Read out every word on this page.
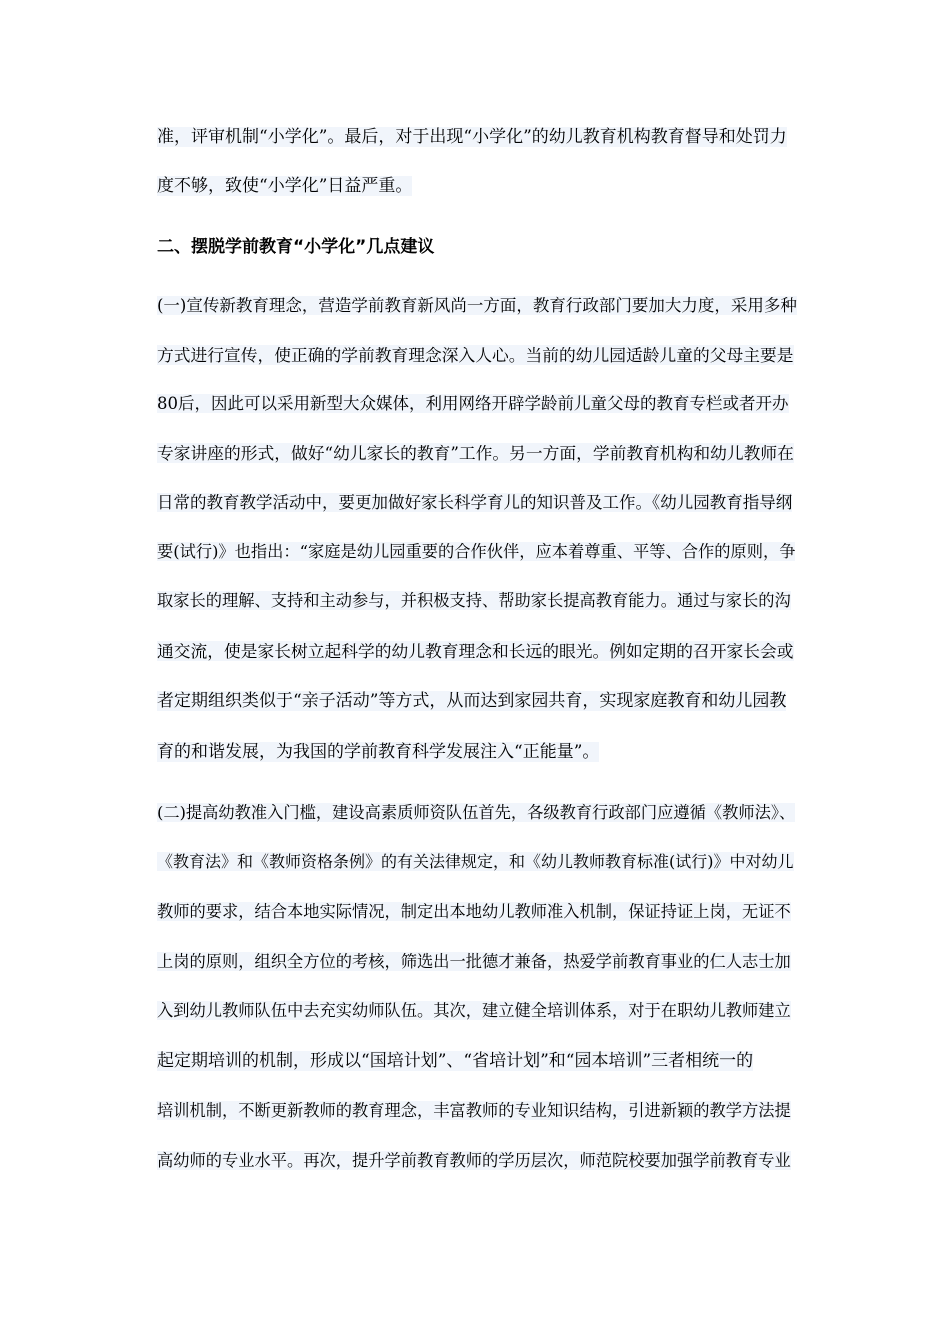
准，评审机制“小学化”。最后，对于出现“小学化”的幼儿教育机构教育督导和处罚力
度不够，致使“小学化”日益严重。
二、摆脱学前教育“小学化”几点建议
(一)宣传新教育理念，营造学前教育新风尚一方面，教育行政部门要加大力度，采用多种
方式进行宣传，使正确的学前教育理念深入人心。当前的幼儿园适龄儿童的父母主要是
80后，因此可以采用新型大众媒体，利用网络开辟学龄前儿童父母的教育专栏或者开办
专家讲座的形式，做好“幼儿家长的教育”工作。另一方面，学前教育机构和幼儿教师在
日常的教育教学活动中，要更加做好家长科学育儿的知识普及工作。《幼儿园教育指导纲
要(试行)》也指出：“家庭是幼儿园重要的合作伙伴，应本着尊重、平等、合作的原则，争
取家长的理解、支持和主动参与，并积极支持、帮助家长提高教育能力。通过与家长的沟
通交流，使是家长树立起科学的幼儿教育理念和长远的眼光。例如定期的召开家长会或
者定期组织类似于“亲子活动”等方式，从而达到家园共育，实现家庭教育和幼儿园教
育的和谐发展，为我国的学前教育科学发展注入“正能量”。
(二)提高幼教准入门槛，建设高素质师资队伍首先，各级教育行政部门应遵循《教师法》、
《教育法》和《教师资格条例》的有关法律规定，和《幼儿教师教育标准(试行)》中对幼儿
教师的要求，结合本地实际情况，制定出本地幼儿教师准入机制，保证持证上岗，无证不
上岗的原则，组织全方位的考核，筛选出一批德才兼备，热爱学前教育事业的仁人志士加
入到幼儿教师队伍中去充实幼师队伍。其次，建立健全培训体系，对于在职幼儿教师建立
起定期培训的机制，形成以“国培计划”、“省培计划”和“园本培训”三者相统一的
培训机制，不断更新教师的教育理念，丰富教师的专业知识结构，引进新颖的教学方法提
高幼师的专业水平。再次，提升学前教育教师的学历层次，师范院校要加强学前教育专业
